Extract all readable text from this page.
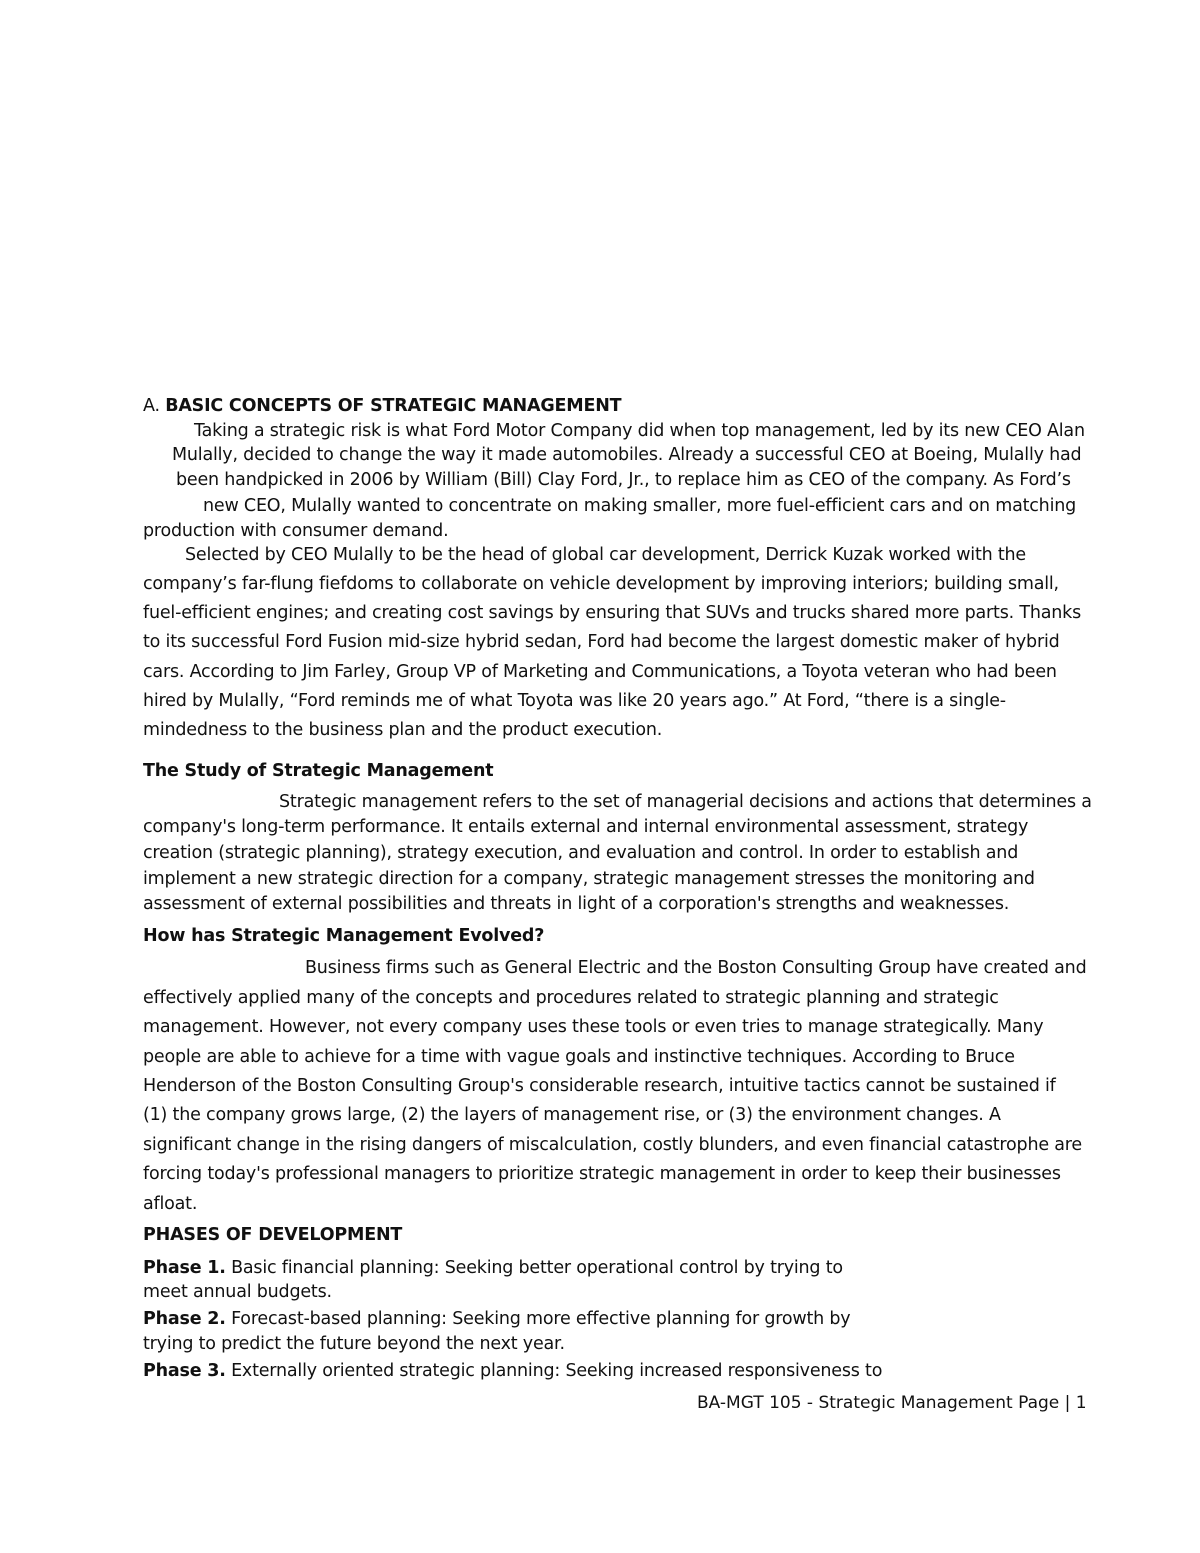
A. BASIC CONCEPTS OF STRATEGIC MANAGEMENT
Taking a strategic risk is what Ford Motor Company did when top management, led by its new CEO Alan
Mulally, decided to change the way it made automobiles. Already a successful CEO at Boeing, Mulally had
been handpicked in 2006 by William (Bill) Clay Ford, Jr., to replace him as CEO of the company. As Ford’s
new CEO, Mulally wanted to concentrate on making smaller, more fuel-efficient cars and on matching
production with consumer demand.
Selected by CEO Mulally to be the head of global car development, Derrick Kuzak worked with the
company’s far-flung fiefdoms to collaborate on vehicle development by improving interiors; building small,
fuel-efficient engines; and creating cost savings by ensuring that SUVs and trucks shared more parts. Thanks
to its successful Ford Fusion mid-size hybrid sedan, Ford had become the largest domestic maker of hybrid
cars. According to Jim Farley, Group VP of Marketing and Communications, a Toyota veteran who had been
hired by Mulally, “Ford reminds me of what Toyota was like 20 years ago.” At Ford, “there is a single-
mindedness to the business plan and the product execution.
The Study of Strategic Management
Strategic management refers to the set of managerial decisions and actions that determines a
company's long-term performance. It entails external and internal environmental assessment, strategy
creation (strategic planning), strategy execution, and evaluation and control. In order to establish and
implement a new strategic direction for a company, strategic management stresses the monitoring and
assessment of external possibilities and threats in light of a corporation's strengths and weaknesses.
How has Strategic Management Evolved?
Business firms such as General Electric and the Boston Consulting Group have created and
effectively applied many of the concepts and procedures related to strategic planning and strategic
management. However, not every company uses these tools or even tries to manage strategically. Many
people are able to achieve for a time with vague goals and instinctive techniques. According to Bruce
Henderson of the Boston Consulting Group's considerable research, intuitive tactics cannot be sustained if
(1) the company grows large, (2) the layers of management rise, or (3) the environment changes. A
significant change in the rising dangers of miscalculation, costly blunders, and even financial catastrophe are
forcing today's professional managers to prioritize strategic management in order to keep their businesses
afloat.
PHASES OF DEVELOPMENT
Phase 1. Basic financial planning: Seeking better operational control by trying to
meet annual budgets.
Phase 2. Forecast-based planning: Seeking more effective planning for growth by
trying to predict the future beyond the next year.
Phase 3. Externally oriented strategic planning: Seeking increased responsiveness to
BA-MGT 105 - Strategic Management Page | 1
